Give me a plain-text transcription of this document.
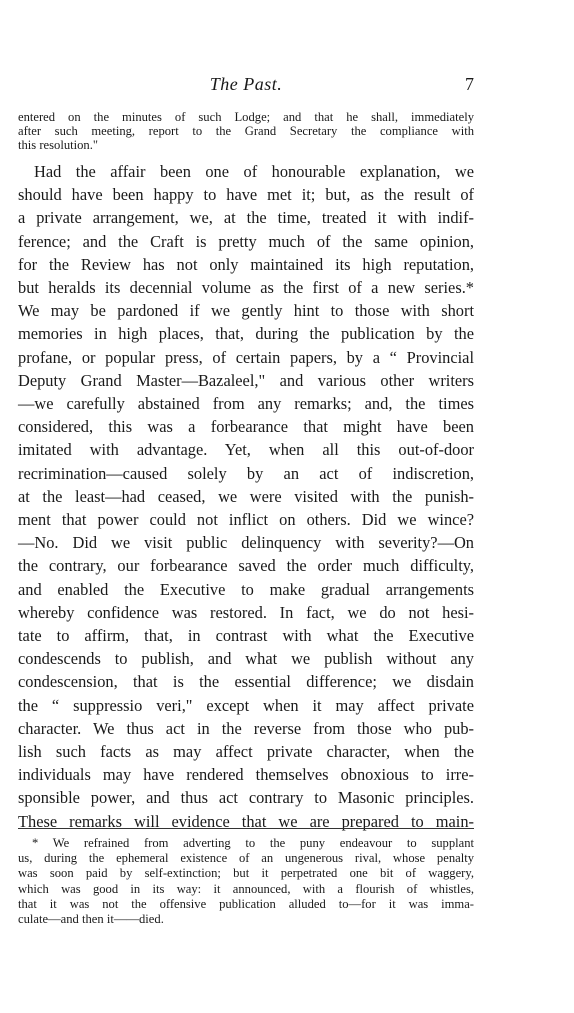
The Past.	7
entered on the minutes of such Lodge; and that he shall, immediately
after such meeting, report to the Grand Secretary the compliance with
this resolution."
Had the affair been one of honourable explanation, we
should have been happy to have met it; but, as the result of
a private arrangement, we, at the time, treated it with indif-
ference; and the Craft is pretty much of the same opinion,
for the Review has not only maintained its high reputation,
but heralds its decennial volume as the first of a new series.*
We may be pardoned if we gently hint to those with short
memories in high places, that, during the publication by the
profane, or popular press, of certain papers, by a “ Provincial
Deputy Grand Master—Bazaleel," and various other writers
—we carefully abstained from any remarks; and, the times
considered, this was a forbearance that might have been
imitated with advantage. Yet, when all this out-of-door
recrimination—caused solely by an act of indiscretion,
at the least—had ceased, we were visited with the punish-
ment that power could not inflict on others. Did we wince?
—No. Did we visit public delinquency with severity?—On
the contrary, our forbearance saved the order much difficulty,
and enabled the Executive to make gradual arrangements
whereby confidence was restored. In fact, we do not hesi-
tate to affirm, that, in contrast with what the Executive
condescends to publish, and what we publish without any
condescension, that is the essential difference; we disdain
the “ suppressio veri," except when it may affect private
character. We thus act in the reverse from those who pub-
lish such facts as may affect private character, when the
individuals may have rendered themselves obnoxious to irre-
sponsible power, and thus act contrary to Masonic principles.
These remarks will evidence that we are prepared to main-
* We refrained from adverting to the puny endeavour to supplant
us, during the ephemeral existence of an ungenerous rival, whose penalty
was soon paid by self-extinction; but it perpetrated one bit of waggery,
which was good in its way: it announced, with a flourish of whistles,
that it was not the offensive publication alluded to—for it was imma-
culate—and then it——died.
